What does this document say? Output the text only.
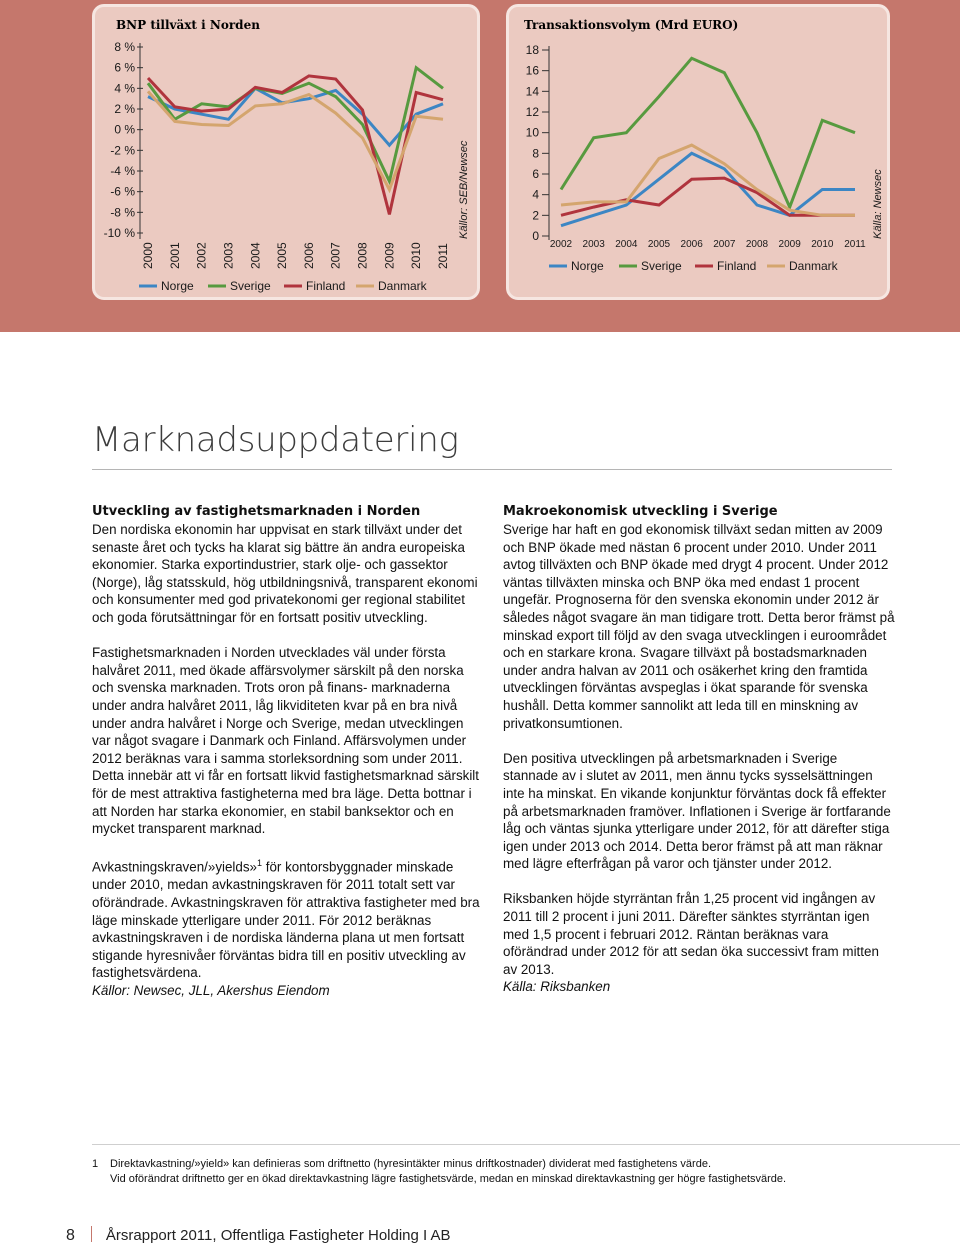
BNP tillväxt i Norden
8 %
6 %
4 %
2 %
0 %
-2 %
-4 %
-6 %
-8 %
-10 %
2000 2001 2002 2003 2004 2005 2006 2007 2008 2009 2010 2011
Källor: SEB/Newsec
Norge	Sverige	Finland	Danmark
Transaktionsvolym (Mrd EURO)
18
16
14
12
10
8
6
4
2
0
2002 2003 2004 2005 2006 2007 2008 2009 2010 2011
Källa: Newsec
Norge	Sverige	Finland	Danmark
Marknadsuppdatering
Utveckling av fastighetsmarknaden i Norden

Den nordiska ekonomin har uppvisat en stark tillväxt under det senaste året och tycks ha klarat sig bättre än andra europeiska ekonomier. Starka exportindustrier, stark olje- och gassektor (Norge), låg statsskuld, hög utbildningsnivå, transparent ekonomi och konsumenter med god privatekonomi ger regional stabilitet och goda förutsättningar för en fortsatt positiv utveckling.

Fastighetsmarknaden i Norden utvecklades väl under första halvåret 2011, med ökade affärsvolymer särskilt på den norska och svenska marknaden. Trots oron på finans- marknaderna under andra halvåret 2011, låg likviditeten kvar på en bra nivå under andra halvåret i Norge och Sverige, medan utvecklingen var något svagare i Danmark och Finland. Affärsvolymen under 2012 beräknas vara i samma storleksordning som under 2011. Detta innebär att vi får en fortsatt likvid fastighetsmarknad särskilt för de mest attraktiva fastigheterna med bra läge. Detta bottnar i att Norden har starka ekonomier, en stabil banksektor och en mycket transparent marknad.

Avkastningskraven/»yields»$^1$ för kontorsbyggnader minskade under 2010, medan avkastningskraven för 2011 totalt sett var oförändrade. Avkastningskraven för attraktiva fastigheter med bra läge minskade ytterligare under 2011. För 2012 beräknas avkastningskraven i de nordiska länderna plana ut men fortsatt stigande hyresnivåer förväntas bidra till en positiv utveckling av fastighetsvärdena.

Källor: Newsec, JLL, Akershus Eiendom
Makroekonomisk utveckling i Sverige

Sverige har haft en god ekonomisk tillväxt sedan mitten av 2009 och BNP ökade med nästan 6 procent under 2010. Under 2011 avtog tillväxten och BNP ökade med drygt 4 procent. Under 2012 väntas tillväxten minska och BNP öka med endast 1 procent ungefär. Prognoserna för den svenska ekonomin under 2012 är således något svagare än man tidigare trott. Detta beror främst på minskad export till följd av den svaga utvecklingen i euroområdet och en starkare krona. Svagare tillväxt på bostadsmarknaden under andra halvan av 2011 och osäkerhet kring den framtida utvecklingen förväntas avspeglas i ökat sparande för svenska hushåll. Detta kommer sannolikt att leda till en minskning av privatkonsumtionen.

Den positiva utvecklingen på arbetsmarknaden i Sverige stannade av i slutet av 2011, men ännu tycks sysselsättningen inte ha minskat. En vikande konjunktur förväntas dock få effekter på arbetsmarknaden framöver. Inflationen i Sverige är fortfarande låg och väntas sjunka ytterligare under 2012, för att därefter stiga igen under 2013 och 2014. Detta beror främst på att man räknar med lägre efterfrågan på varor och tjänster under 2012.

Riksbanken höjde styrräntan från 1,25 procent vid ingången av 2011 till 2 procent i juni 2011. Därefter sänktes styrräntan igen med 1,5 procent i februari 2012. Räntan beräknas vara oförändrad under 2012 för att sedan öka successivt fram mitten av 2013.

Källa: Riksbanken
1 Direktavkastning/»yield» kan definieras som driftnetto (hyresintäkter minus driftkostnader) dividerat med fastighetens värde.
Vid oförändrat driftnetto ger en ökad direktavkastning lägre fastighetsvärde, medan en minskad direktavkastning ger högre fastighetsvärde.
8 Årsrapport 2011, Offentliga Fastigheter Holding I AB
